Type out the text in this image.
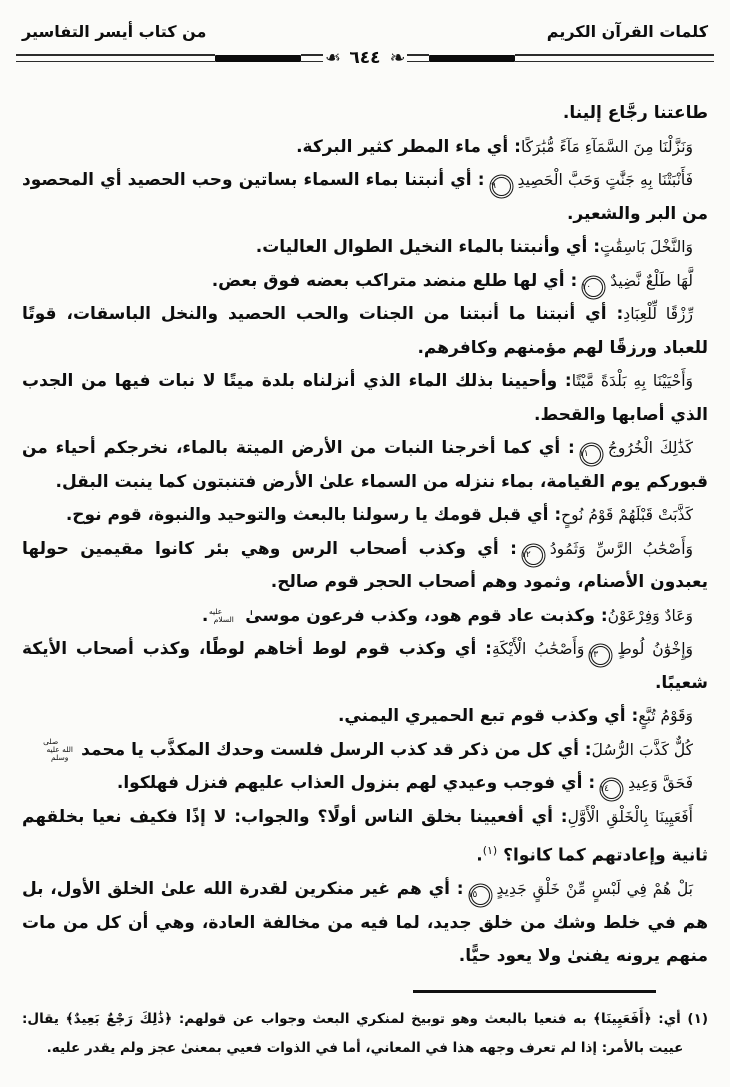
كلمات القرآن الكريم
من كتاب أيسر التفاسير
❧
٦٤٤
❧

طاعتنا رجَّاع إلينا.

وَنَزَّلْنَا مِنَ السَّمَآءِ مَآءً مُّبَٰرَكًا: أي ماء المطر كثير البركة.

فَأَنْبَتْنَا بِهِ جَنَّٰتٍ وَحَبَّ الْحَصِيدِ٩: أي أنبتنا بماء السماء بساتين وحب الحصيد أي المحصود من البر والشعير.

وَالنَّخْلَ بَاسِقَٰتٍ: أي وأنبتنا بالماء النخيل الطوال العاليات.

لَّهَا طَلْعٌ نَّضِيدٌ١٠: أي لها طلع منضد متراكب بعضه فوق بعض.

رِّزْقًا لِّلْعِبَادِ: أي أنبتنا ما أنبتنا من الجنات والحب الحصيد والنخل الباسقات، قوتًا للعباد ورزقًا لهم مؤمنهم وكافرهم.

وَأَحْيَيْنَا بِهِ بَلْدَةً مَّيْتًا: وأحيينا بذلك الماء الذي أنزلناه بلدة ميتًا لا نبات فيها من الجدب الذي أصابها والقحط.

كَذَٰلِكَ الْخُرُوجُ١١: أي كما أخرجنا النبات من الأرض الميتة بالماء، نخرجكم أحياء من قبوركم يوم القيامة، بماء ننزله من السماء علىٰ الأرض فتنبتون كما ينبت البقل.

كَذَّبَتْ قَبْلَهُمْ قَوْمُ نُوحٍ: أي قبل قومك يا رسولنا بالبعث والتوحيد والنبوة، قوم نوح.

وَأَصْحَٰبُ الرَّسِّ وَثَمُودُ١٢: أي وكذب أصحاب الرس وهي بئر كانوا مقيمين حولها يعبدون الأصنام، وثمود وهم أصحاب الحجر قوم صالح.

وَعَادٌ وَفِرْعَوْنُ: وكذبت عاد قوم هود، وكذب فرعون موسىٰ عليه السلام.

وَإِخْوَٰنُ لُوطٍ١٣وَأَصْحَٰبُ الْأَيْكَةِ: أي وكذب قوم لوط أخاهم لوطًا، وكذب أصحاب الأيكة شعيبًا.

وَقَوْمُ تُبَّعٍ: أي وكذب قوم تبع الحميري اليمني.

كُلٌّ كَذَّبَ الرُّسُلَ: أي كل من ذكر قد كذب الرسل فلست وحدك المكذَّب يا محمد صلى الله عليه وسلم

فَحَقَّ وَعِيدِ١٤: أي فوجب وعيدي لهم بنزول العذاب عليهم فنزل فهلكوا.

أَفَعَيِينَا بِالْخَلْقِ الْأَوَّلِ: أي أفعيينا بخلق الناس أولًا؟ والجواب: لا إذًا فكيف نعيا بخلقهم ثانية وإعادتهم كما كانوا؟ $^{(١)}$.

بَلْ هُمْ فِي لَبْسٍ مِّنْ خَلْقٍ جَدِيدٍ١٥: أي هم غير منكرين لقدرة الله علىٰ الخلق الأول، بل هم في خلط وشك من خلق جديد، لما فيه من مخالفة العادة، وهي أن كل من مات منهم يرونه يفنىٰ ولا يعود حيًّا.

(١) أي: ﴿أَفَعَيِينَا﴾ به فنعيا بالبعث وهو توبيخ لمنكري البعث وجواب عن قولهم: ﴿ذَٰلِكَ رَجْعٌ بَعِيدٌ﴾ يقال: عييت بالأمر: إذا لم تعرف وجهه هذا في المعاني، أما في الذوات فعيي بمعنىٰ عجز ولم يقدر عليه.
